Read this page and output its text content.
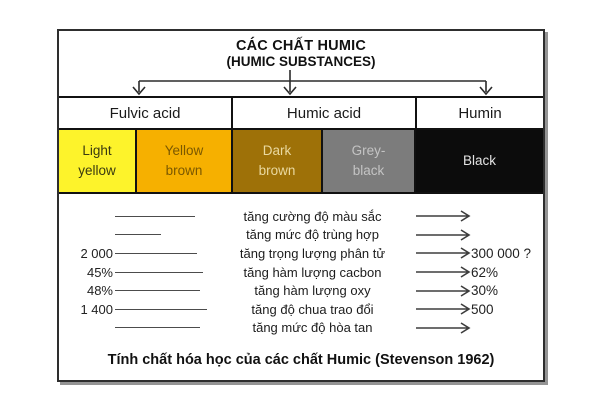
CÁC CHẤT HUMIC
(HUMIC SUBSTANCES)
Fulvic acid	Humic acid	Humin
Light
yellow
Yellow
brown
Dark
brown
Grey-
black
Black
tăng cường độ màu sắc
tăng mức độ trùng hợp
2 000	tăng trọng lượng phân tử	300 000 ?
45%	tăng hàm lượng cacbon	62%
48%	tăng hàm lượng oxy	30%
1 400	tăng độ chua trao đổi	500
tăng mức độ hòa tan
Tính chất hóa học của các chất Humic (Stevenson 1962)
